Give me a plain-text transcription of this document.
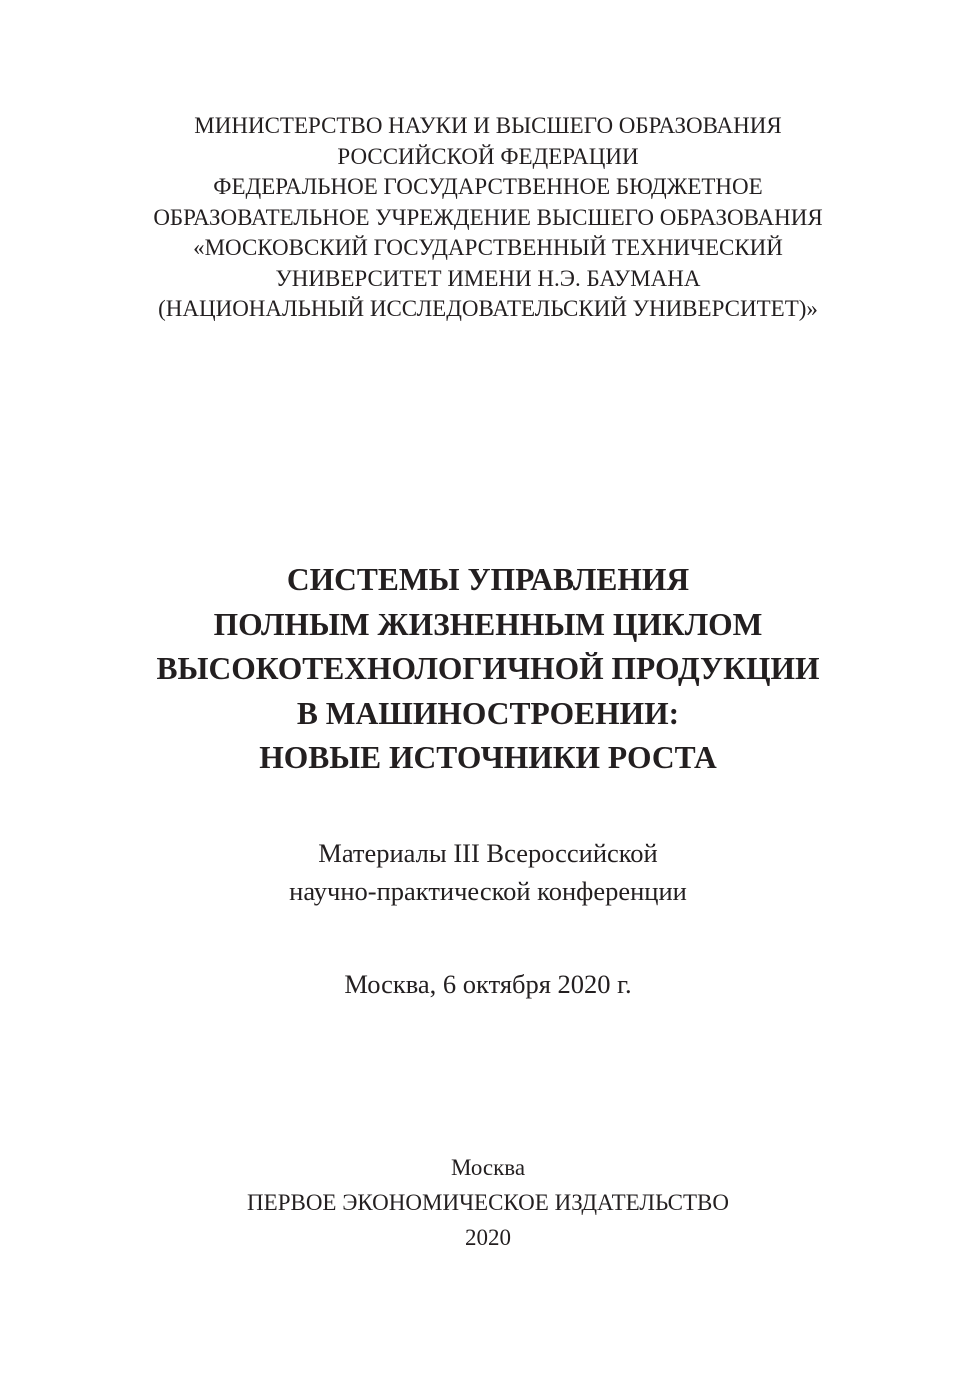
МИНИСТЕРСТВО НАУКИ И ВЫСШЕГО ОБРАЗОВАНИЯ
РОССИЙСКОЙ ФЕДЕРАЦИИ
ФЕДЕРАЛЬНОЕ ГОСУДАРСТВЕННОЕ БЮДЖЕТНОЕ
ОБРАЗОВАТЕЛЬНОЕ УЧРЕЖДЕНИЕ ВЫСШЕГО ОБРАЗОВАНИЯ
«МОСКОВСКИЙ ГОСУДАРСТВЕННЫЙ ТЕХНИЧЕСКИЙ
УНИВЕРСИТЕТ ИМЕНИ Н.Э. БАУМАНА
(НАЦИОНАЛЬНЫЙ ИССЛЕДОВАТЕЛЬСКИЙ УНИВЕРСИТЕТ)»
СИСТЕМЫ УПРАВЛЕНИЯ
ПОЛНЫМ ЖИЗНЕННЫМ ЦИКЛОМ
ВЫСОКОТЕХНОЛОГИЧНОЙ ПРОДУКЦИИ
В МАШИНОСТРОЕНИИ:
НОВЫЕ ИСТОЧНИКИ РОСТА
Материалы III Всероссийской
научно-практической конференции
Москва, 6 октября 2020 г.
Москва
ПЕРВОЕ ЭКОНОМИЧЕСКОЕ ИЗДАТЕЛЬСТВО
2020
